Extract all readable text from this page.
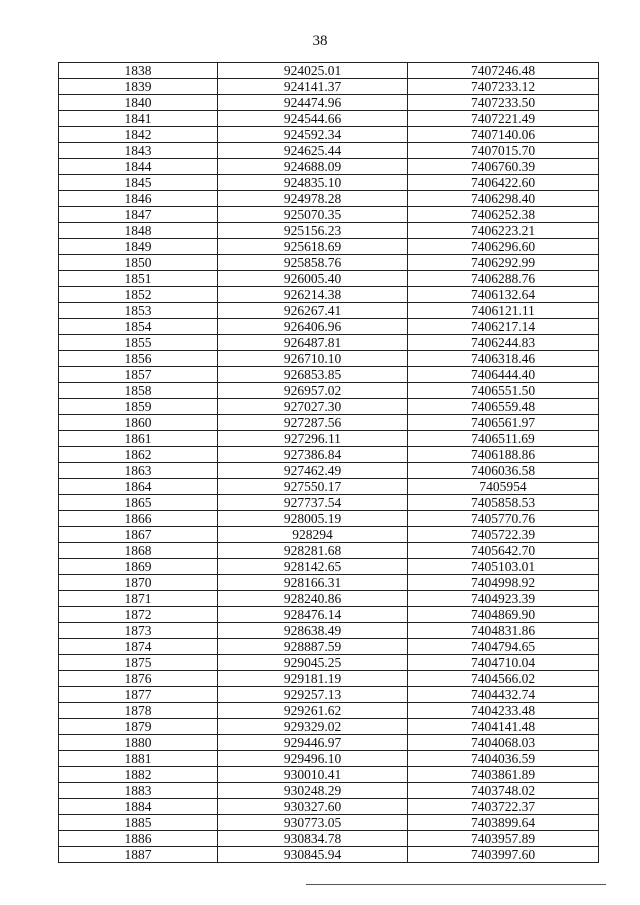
38
1838	924025.01	7407246.48
1839	924141.37	7407233.12
1840	924474.96	7407233.50
1841	924544.66	7407221.49
1842	924592.34	7407140.06
1843	924625.44	7407015.70
1844	924688.09	7406760.39
1845	924835.10	7406422.60
1846	924978.28	7406298.40
1847	925070.35	7406252.38
1848	925156.23	7406223.21
1849	925618.69	7406296.60
1850	925858.76	7406292.99
1851	926005.40	7406288.76
1852	926214.38	7406132.64
1853	926267.41	7406121.11
1854	926406.96	7406217.14
1855	926487.81	7406244.83
1856	926710.10	7406318.46
1857	926853.85	7406444.40
1858	926957.02	7406551.50
1859	927027.30	7406559.48
1860	927287.56	7406561.97
1861	927296.11	7406511.69
1862	927386.84	7406188.86
1863	927462.49	7406036.58
1864	927550.17	7405954
1865	927737.54	7405858.53
1866	928005.19	7405770.76
1867	928294	7405722.39
1868	928281.68	7405642.70
1869	928142.65	7405103.01
1870	928166.31	7404998.92
1871	928240.86	7404923.39
1872	928476.14	7404869.90
1873	928638.49	7404831.86
1874	928887.59	7404794.65
1875	929045.25	7404710.04
1876	929181.19	7404566.02
1877	929257.13	7404432.74
1878	929261.62	7404233.48
1879	929329.02	7404141.48
1880	929446.97	7404068.03
1881	929496.10	7404036.59
1882	930010.41	7403861.89
1883	930248.29	7403748.02
1884	930327.60	7403722.37
1885	930773.05	7403899.64
1886	930834.78	7403957.89
1887	930845.94	7403997.60
